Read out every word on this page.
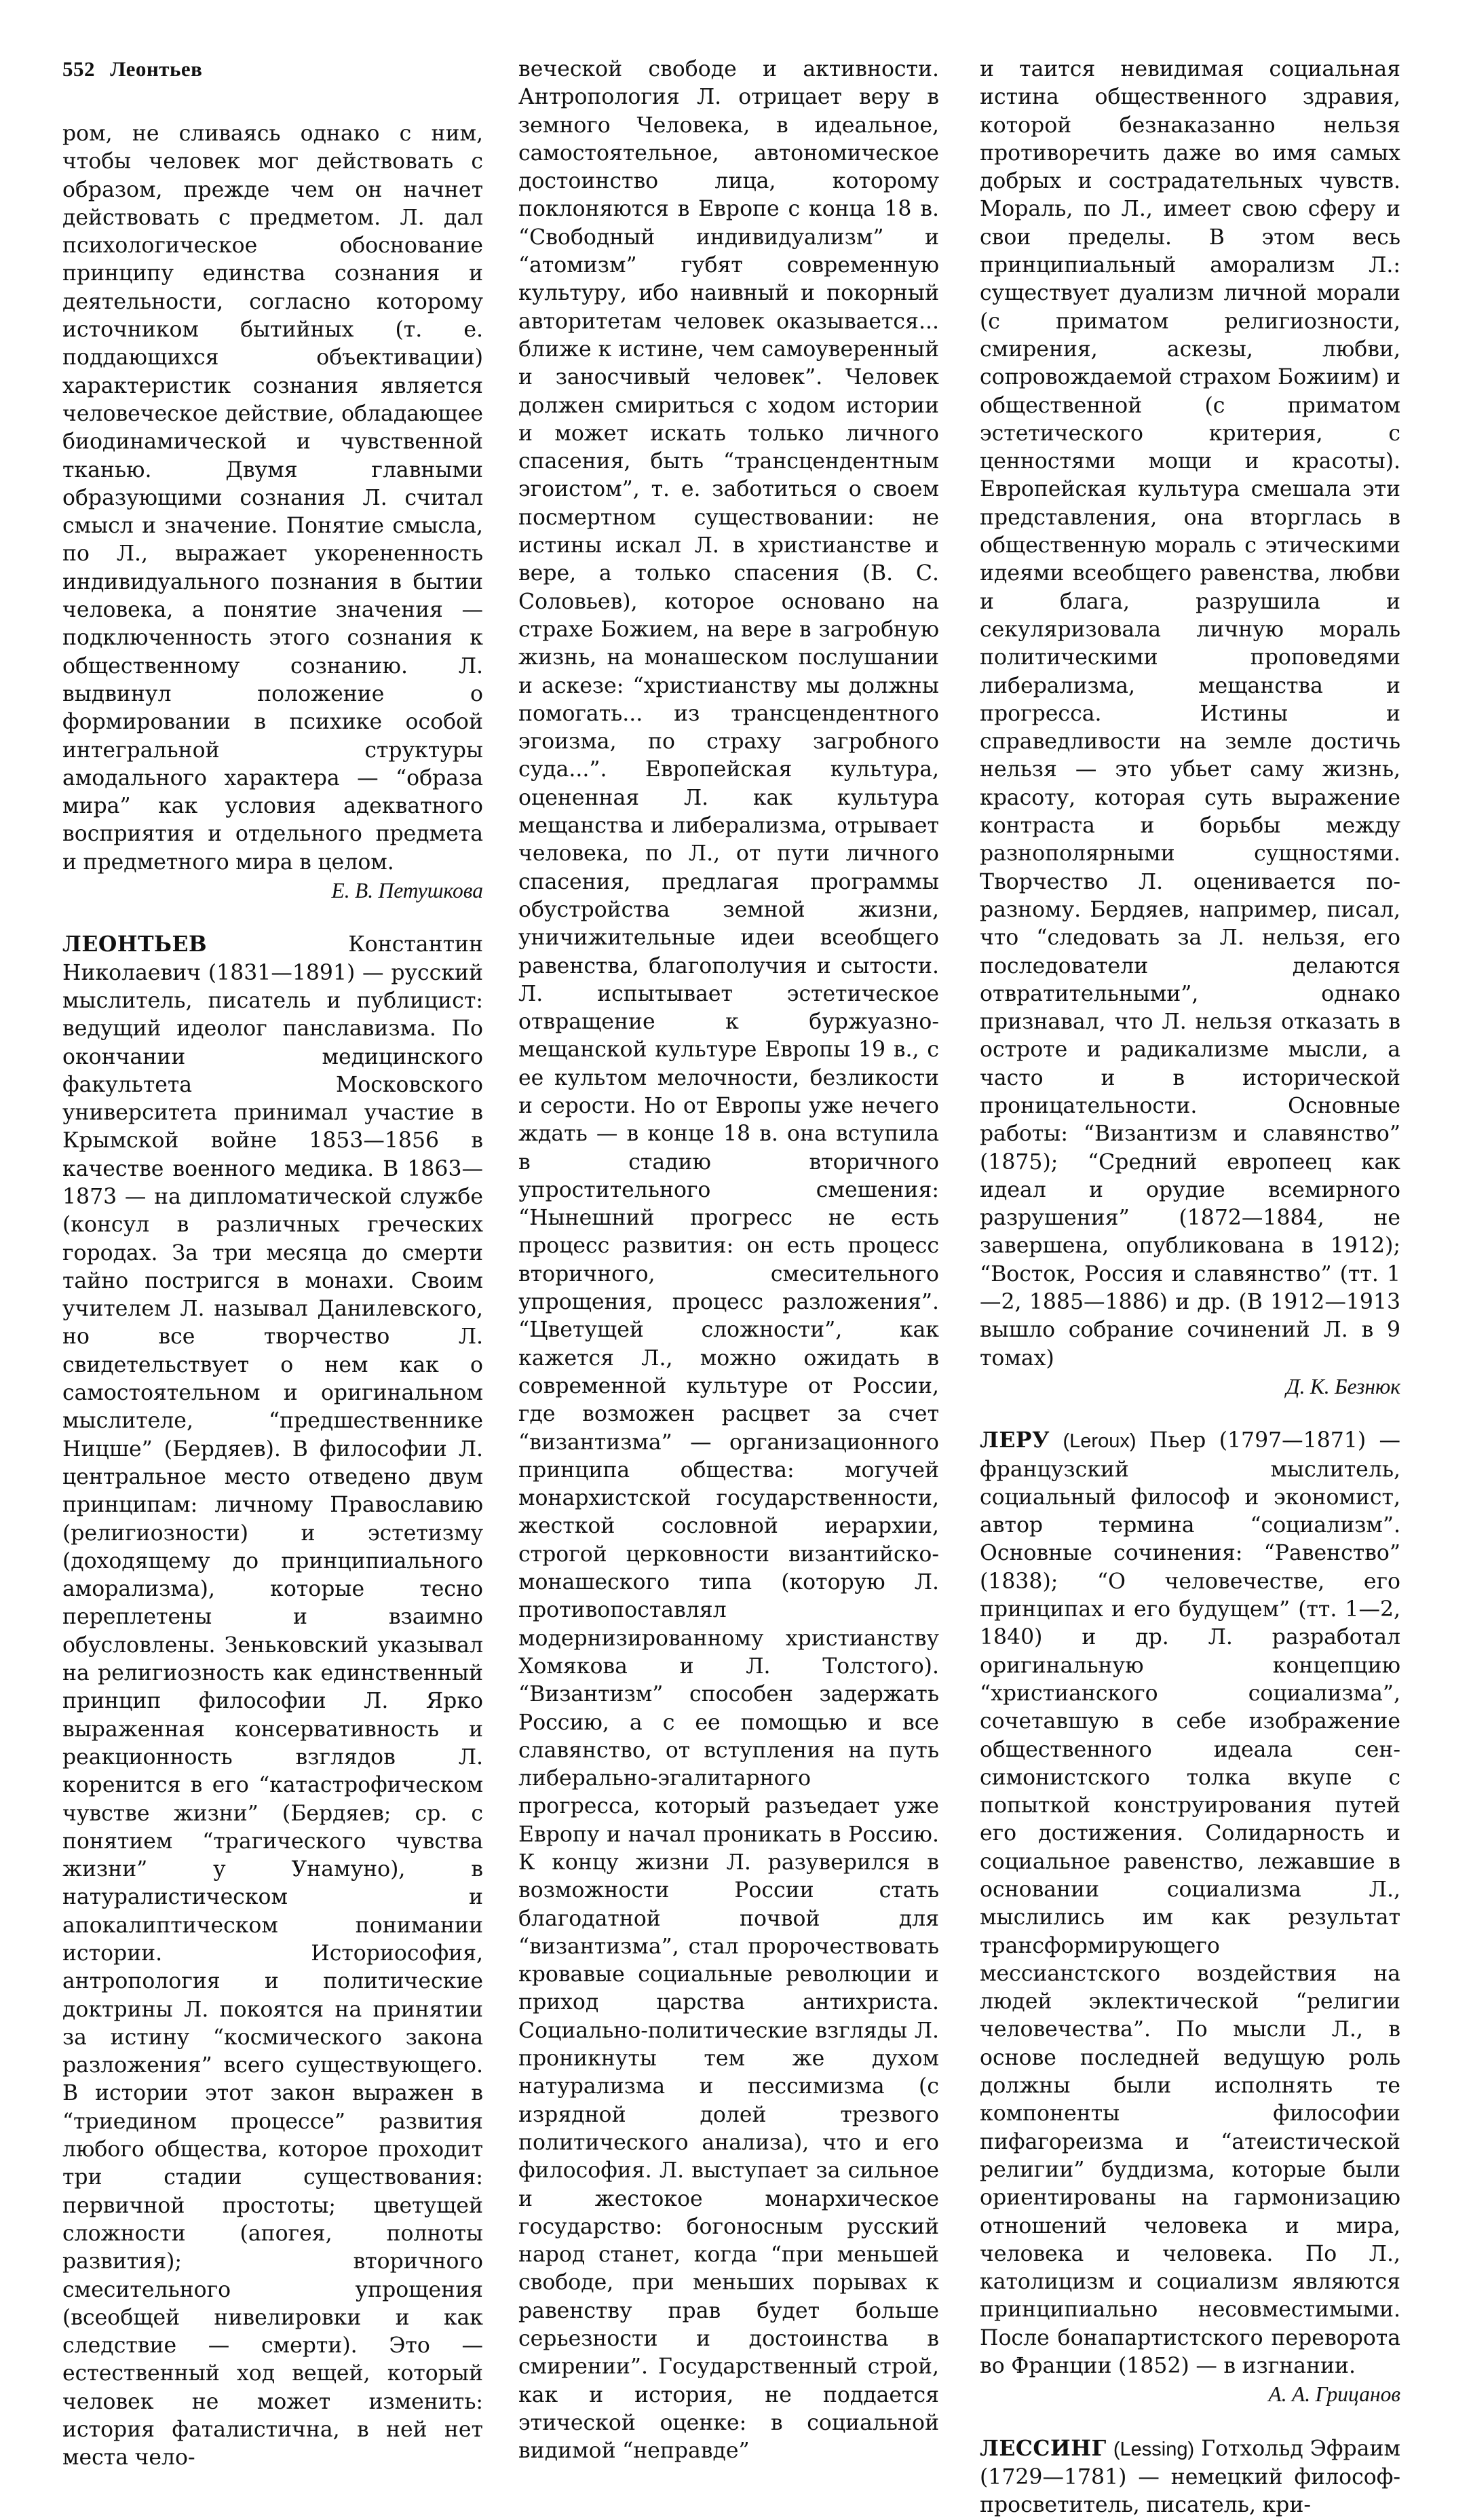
552 Леонтьев

ром, не сливаясь однако с ним, чтобы человек мог действовать с образом, прежде чем он начнет действовать с предметом. Л. дал психологическое обоснование принципу единства сознания и деятельности, согласно которому источником бытийных (т. е. поддающихся объективации) характеристик сознания является человеческое действие, обладающее биодинамической и чувственной тканью. Двумя главными образующими сознания Л. считал смысл и значение. Понятие смысла, по Л., выражает укорененность индивидуального познания в бытии человека, а понятие значения — подключенность этого сознания к общественному сознанию. Л. выдвинул положение о формировании в психике особой интегральной структуры амодального характера — “образа мира” как условия адекватного восприятия и отдельного предмета и предметного мира в целом.

Е. В. Петушкова

ЛЕОНТЬЕВ Константин Николаевич (1831—1891) — русский мыслитель, писатель и публицист: ведущий идеолог панславизма. По окончании медицинского факультета Московского университета принимал участие в Крымской войне 1853—1856 в качестве военного медика. В 1863—1873 — на дипломатической службе (консул в различных греческих городах. За три месяца до смерти тайно постригся в монахи. Своим учителем Л. называл Данилевского, но все творчество Л. свидетельствует о нем как о самостоятельном и оригинальном мыслителе, “предшественнике Ницше” (Бердяев). В философии Л. центральное место отведено двум принципам: личному Православию (религиозности) и эстетизму (доходящему до принципиального аморализма), которые тесно переплетены и взаимно обусловлены. Зеньковский указывал на религиозность как единственный принцип философии Л. Ярко выраженная консервативность и реакционность взглядов Л. коренится в его “катастрофическом чувстве жизни” (Бердяев; ср. с понятием “трагического чувства жизни” у Унамуно), в натуралистическом и апокалиптическом понимании истории. Историософия, антропология и политические доктрины Л. покоятся на принятии за истину “космического закона разложения” всего существующего. В истории этот закон выражен в “триедином процессе” развития любого общества, которое проходит три стадии существования: первичной простоты; цветущей сложности (апогея, полноты развития); вторичного смесительного упрощения (всеобщей нивелировки и как следствие — смерти). Это — естественный ход вещей, который человек не может изменить: история фаталистична, в ней нет места чело-

веческой свободе и активности. Антропология Л. отрицает веру в земного Человека, в идеальное, самостоятельное, автономическое достоинство лица, которому поклоняются в Европе с конца 18 в. “Свободный индивидуализм” и “атомизм” губят современную культуру, ибо наивный и покорный авторитетам человек оказывается... ближе к истине, чем самоуверенный и заносчивый человек”. Человек должен смириться с ходом истории и может искать только личного спасения, быть “трансцендентным эгоистом”, т. е. заботиться о своем посмертном существовании: не истины искал Л. в христианстве и вере, а только спасения (В. С. Соловьев), которое основано на страхе Божием, на вере в загробную жизнь, на монашеском послушании и аскезе: “христианству мы должны помогать... из трансцендентного эгоизма, по страху загробного суда...”. Европейская культура, оцененная Л. как культура мещанства и либерализма, отрывает человека, по Л., от пути личного спасения, предлагая программы обустройства земной жизни, уничижительные идеи всеобщего равенства, благополучия и сытости. Л. испытывает эстетическое отвращение к буржуазно-мещанской культуре Европы 19 в., с ее культом мелочности, безликости и серости. Но от Европы уже нечего ждать — в конце 18 в. она вступила в стадию вторичного упростительного смешения: “Нынешний прогресс не есть процесс развития: он есть процесс вторичного, смесительного упрощения, процесс разложения”. “Цветущей сложности”, как кажется Л., можно ожидать в современной культуре от России, где возможен расцвет за счет “византизма” — организационного принципа общества: могучей монархистской государственности, жесткой сословной иерархии, строгой церковности византийско-монашеского типа (которую Л. противопоставлял модернизированному христианству Хомякова и Л. Толстого). “Византизм” способен задержать Россию, а с ее помощью и все славянство, от вступления на путь либерально-эгалитарного прогресса, который разъедает уже Европу и начал проникать в Россию. К концу жизни Л. разуверился в возможности России стать благодатной почвой для “византизма”, стал пророчествовать кровавые социальные революции и приход царства антихриста. Социально-политические взгляды Л. проникнуты тем же духом натурализма и пессимизма (с изрядной долей трезвого политического анализа), что и его философия. Л. выступает за сильное и жестокое монархическое государство: богоносным русский народ станет, когда “при меньшей свободе, при меньших порывах к равенству прав будет больше серьезности и достоинства в смирении”. Государственный строй, как и история, не поддается этической оценке: в социальной видимой “неправде”

и таится невидимая социальная истина общественного здравия, которой безнаказанно нельзя противоречить даже во имя самых добрых и сострадательных чувств. Мораль, по Л., имеет свою сферу и свои пределы. В этом весь принципиальный аморализм Л.: существует дуализм личной морали (с приматом религиозности, смирения, аскезы, любви, сопровождаемой страхом Божиим) и общественной (с приматом эстетического критерия, с ценностями мощи и красоты). Европейская культура смешала эти представления, она вторглась в общественную мораль с этическими идеями всеобщего равенства, любви и блага, разрушила и секуляризовала личную мораль политическими проповедями либерализма, мещанства и прогресса. Истины и справедливости на земле достичь нельзя — это убьет саму жизнь, красоту, которая суть выражение контраста и борьбы между разнополярными сущностями. Творчество Л. оценивается по-разному. Бердяев, например, писал, что “следовать за Л. нельзя, его последователи делаются отвратительными”, однако признавал, что Л. нельзя отказать в остроте и радикализме мысли, а часто и в исторической проницательности. Основные работы: “Византизм и славянство” (1875); “Средний европеец как идеал и орудие всемирного разрушения” (1872—1884, не завершена, опубликована в 1912); “Восток, Россия и славянство” (тт. 1—2, 1885—1886) и др. (В 1912—1913 вышло собрание сочинений Л. в 9 томах)

Д. К. Безнюк

ЛЕРУ (Leroux) Пьер (1797—1871) — французский мыслитель, социальный философ и экономист, автор термина “социализм”. Основные сочинения: “Равенство” (1838); “О человечестве, его принципах и его будущем” (тт. 1—2, 1840) и др. Л. разработал оригинальную концепцию “христианского социализма”, сочетавшую в себе изображение общественного идеала сен-симонистского толка вкупе с попыткой конструирования путей его достижения. Солидарность и социальное равенство, лежавшие в основании социализма Л., мыслились им как результат трансформирующего мессианстского воздействия на людей эклектической “религии человечества”. По мысли Л., в основе последней ведущую роль должны были исполнять те компоненты философии пифагореизма и “атеистической религии” буддизма, которые были ориентированы на гармонизацию отношений человека и мира, человека и человека. По Л., католицизм и социализм являются принципиально несовместимыми. После бонапартистского переворота во Франции (1852) — в изгнании.

А. А. Грицанов

ЛЕССИНГ (Lessing) Готхольд Эфраим (1729—1781) — немецкий философ-просветитель, писатель, кри-
